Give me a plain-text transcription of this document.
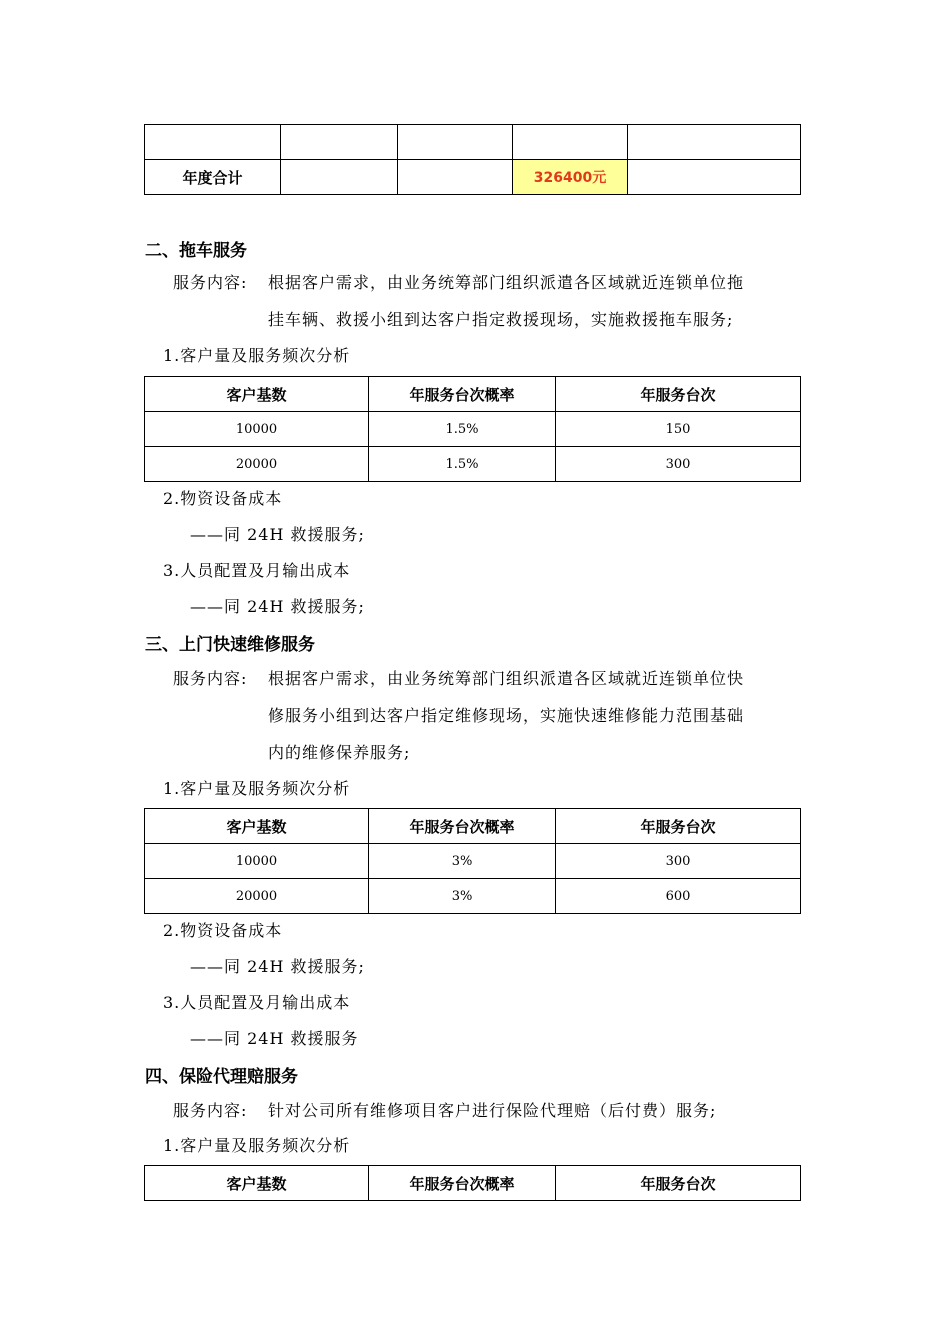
年度合计			326400元	
二、拖车服务
服务内容: 根据客户需求，由业务统筹部门组织派遣各区域就近连锁单位拖
挂车辆、救援小组到达客户指定救援现场，实施救援拖车服务;
1.客户量及服务频次分析
客户基数	年服务台次概率	年服务台次
10000	1.5%	150
20000	1.5%	300
2.物资设备成本
——同 24H 救援服务;
3.人员配置及月输出成本
——同 24H 救援服务;
三、上门快速维修服务
服务内容: 根据客户需求，由业务统筹部门组织派遣各区域就近连锁单位快
修服务小组到达客户指定维修现场，实施快速维修能力范围基础
内的维修保养服务;
1.客户量及服务频次分析
客户基数	年服务台次概率	年服务台次
10000	3%	300
20000	3%	600
2.物资设备成本
——同 24H 救援服务;
3.人员配置及月输出成本
——同 24H 救援服务
四、保险代理赔服务
服务内容: 针对公司所有维修项目客户进行保险代理赔（后付费）服务;
1.客户量及服务频次分析
客户基数	年服务台次概率	年服务台次
